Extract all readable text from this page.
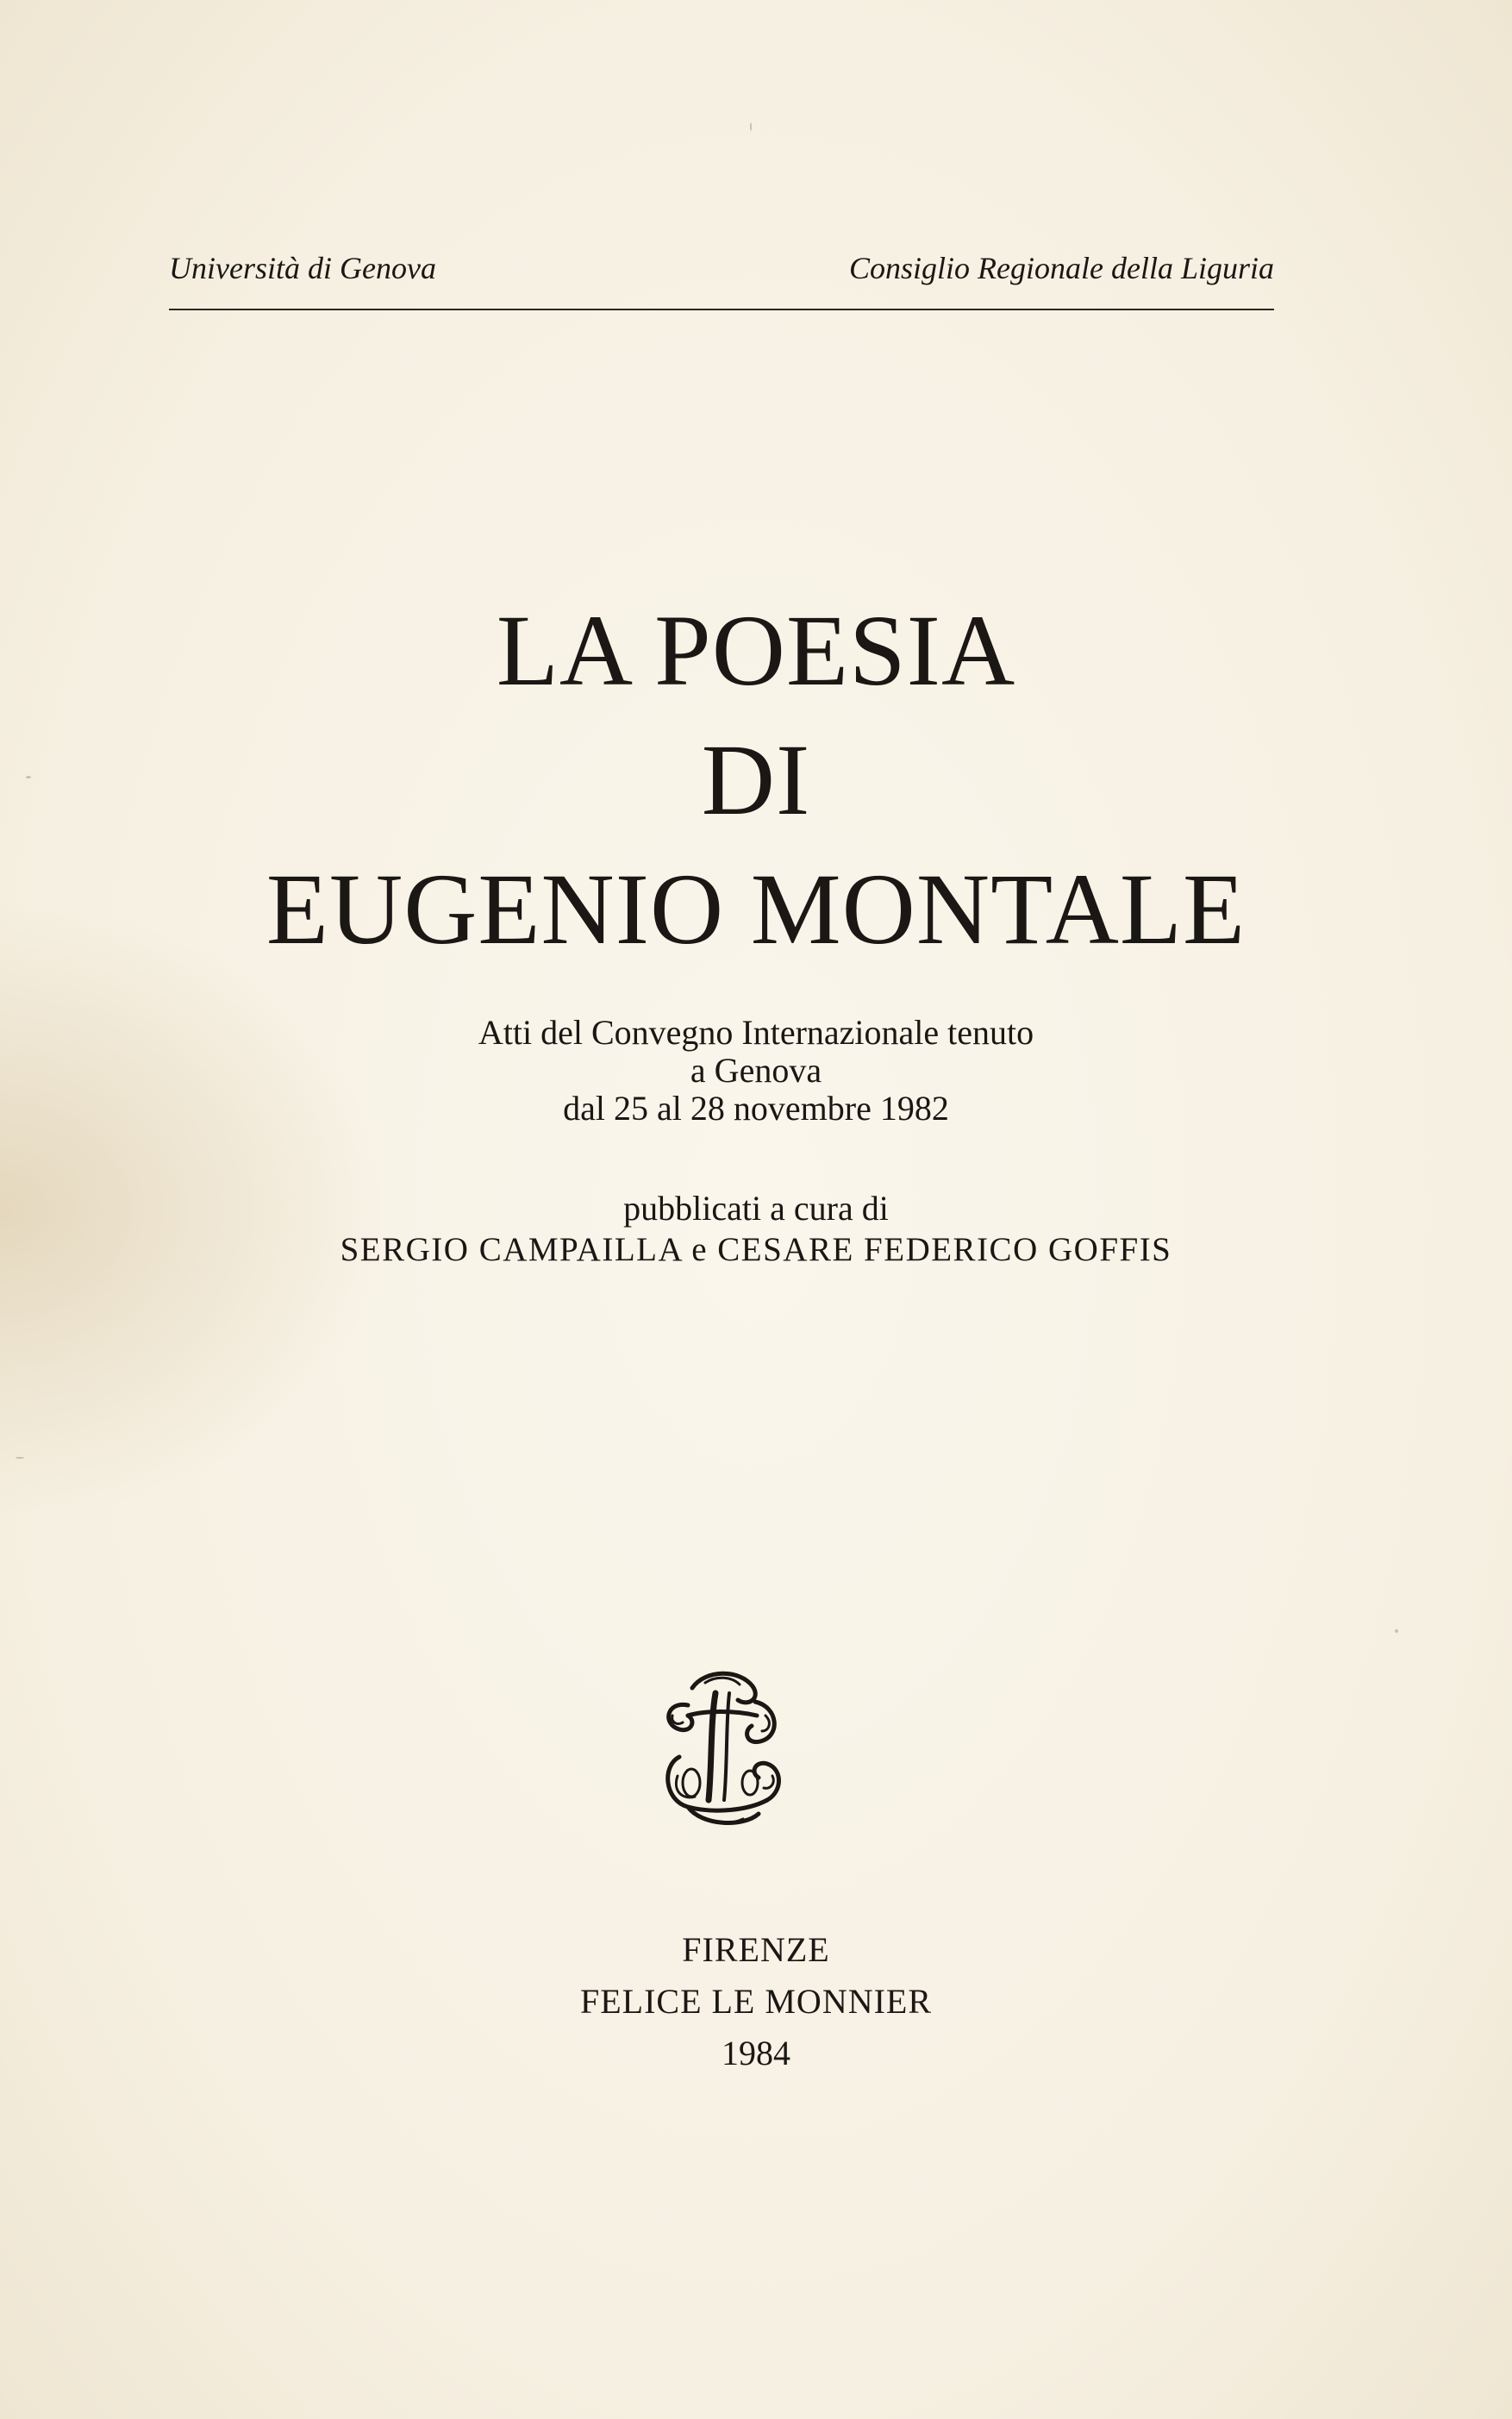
Università di Genova	Consiglio Regionale della Liguria
LA POESIA
DI
EUGENIO MONTALE
Atti del Convegno Internazionale tenuto
a Genova
dal 25 al 28 novembre 1982
pubblicati a cura di
SERGIO CAMPAILLA e CESARE FEDERICO GOFFIS
FIRENZE
FELICE LE MONNIER
1984
